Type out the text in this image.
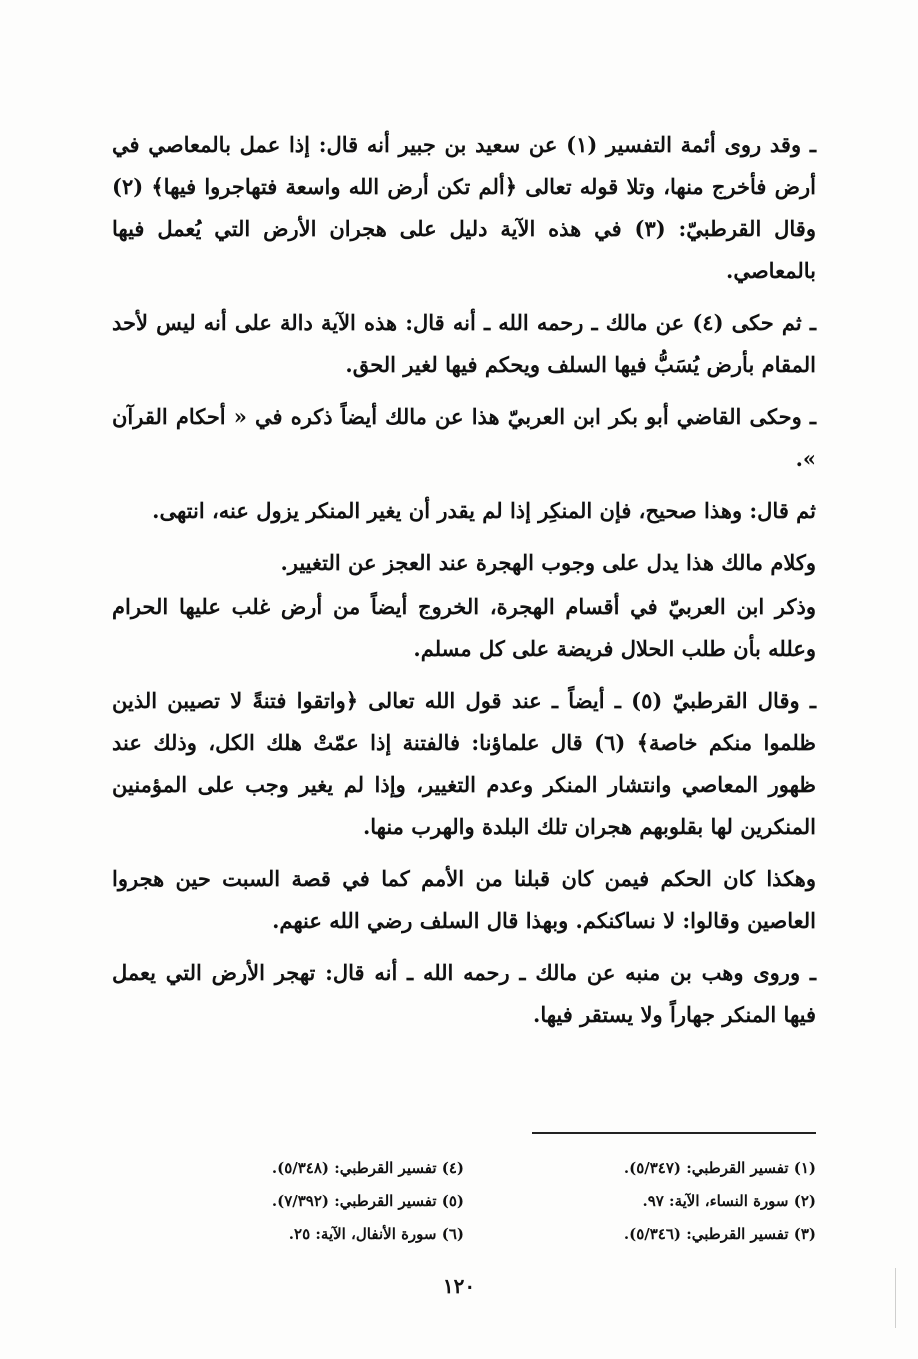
ـ وقد روى أئمة التفسير (١) عن سعيد بن جبير أنه قال: إذا عمل بالمعاصي في أرض فأخرج منها، وتلا قوله تعالى ﴿ألم تكن أرض الله واسعة فتهاجروا فيها﴾ (٢) وقال القرطبيّ: (٣) في هذه الآية دليل على هجران الأرض التي يُعمل فيها بالمعاصي.

ـ ثم حكى (٤) عن مالك ـ رحمه الله ـ أنه قال: هذه الآية دالة على أنه ليس لأحد المقام بأرض يُسَبُّ فيها السلف ويحكم فيها لغير الحق.

ـ وحكى القاضي أبو بكر ابن العربيّ هذا عن مالك أيضاً ذكره في « أحكام القرآن ».

ثم قال: وهذا صحيح، فإن المنكِر إذا لم يقدر أن يغير المنكر يزول عنه، انتهى.

وكلام مالك هذا يدل على وجوب الهجرة عند العجز عن التغيير.

وذكر ابن العربيّ في أقسام الهجرة، الخروج أيضاً من أرض غلب عليها الحرام وعلله بأن طلب الحلال فريضة على كل مسلم.

ـ وقال القرطبيّ (٥) ـ أيضاً ـ عند قول الله تعالى ﴿واتقوا فتنةً لا تصيبن الذين ظلموا منكم خاصة﴾ (٦) قال علماؤنا: فالفتنة إذا عمّتْ هلك الكل، وذلك عند ظهور المعاصي وانتشار المنكر وعدم التغيير، وإذا لم يغير وجب على المؤمنين المنكرين لها بقلوبهم هجران تلك البلدة والهرب منها.

وهكذا كان الحكم فيمن كان قبلنا من الأمم كما في قصة السبت حين هجروا العاصين وقالوا: لا نساكنكم. وبهذا قال السلف رضي الله عنهم.

ـ وروى وهب بن منبه عن مالك ـ رحمه الله ـ أنه قال: تهجر الأرض التي يعمل فيها المنكر جهاراً ولا يستقر فيها.

(١) تفسير القرطبي: (٥/٣٤٧).
(٤) تفسير القرطبي: (٥/٣٤٨).
(٢) سورة النساء، الآية: ٩٧.
(٥) تفسير القرطبي: (٧/٣٩٢).
(٣) تفسير القرطبي: (٥/٣٤٦).
(٦) سورة الأنفال، الآية: ٢٥.
١٢٠
